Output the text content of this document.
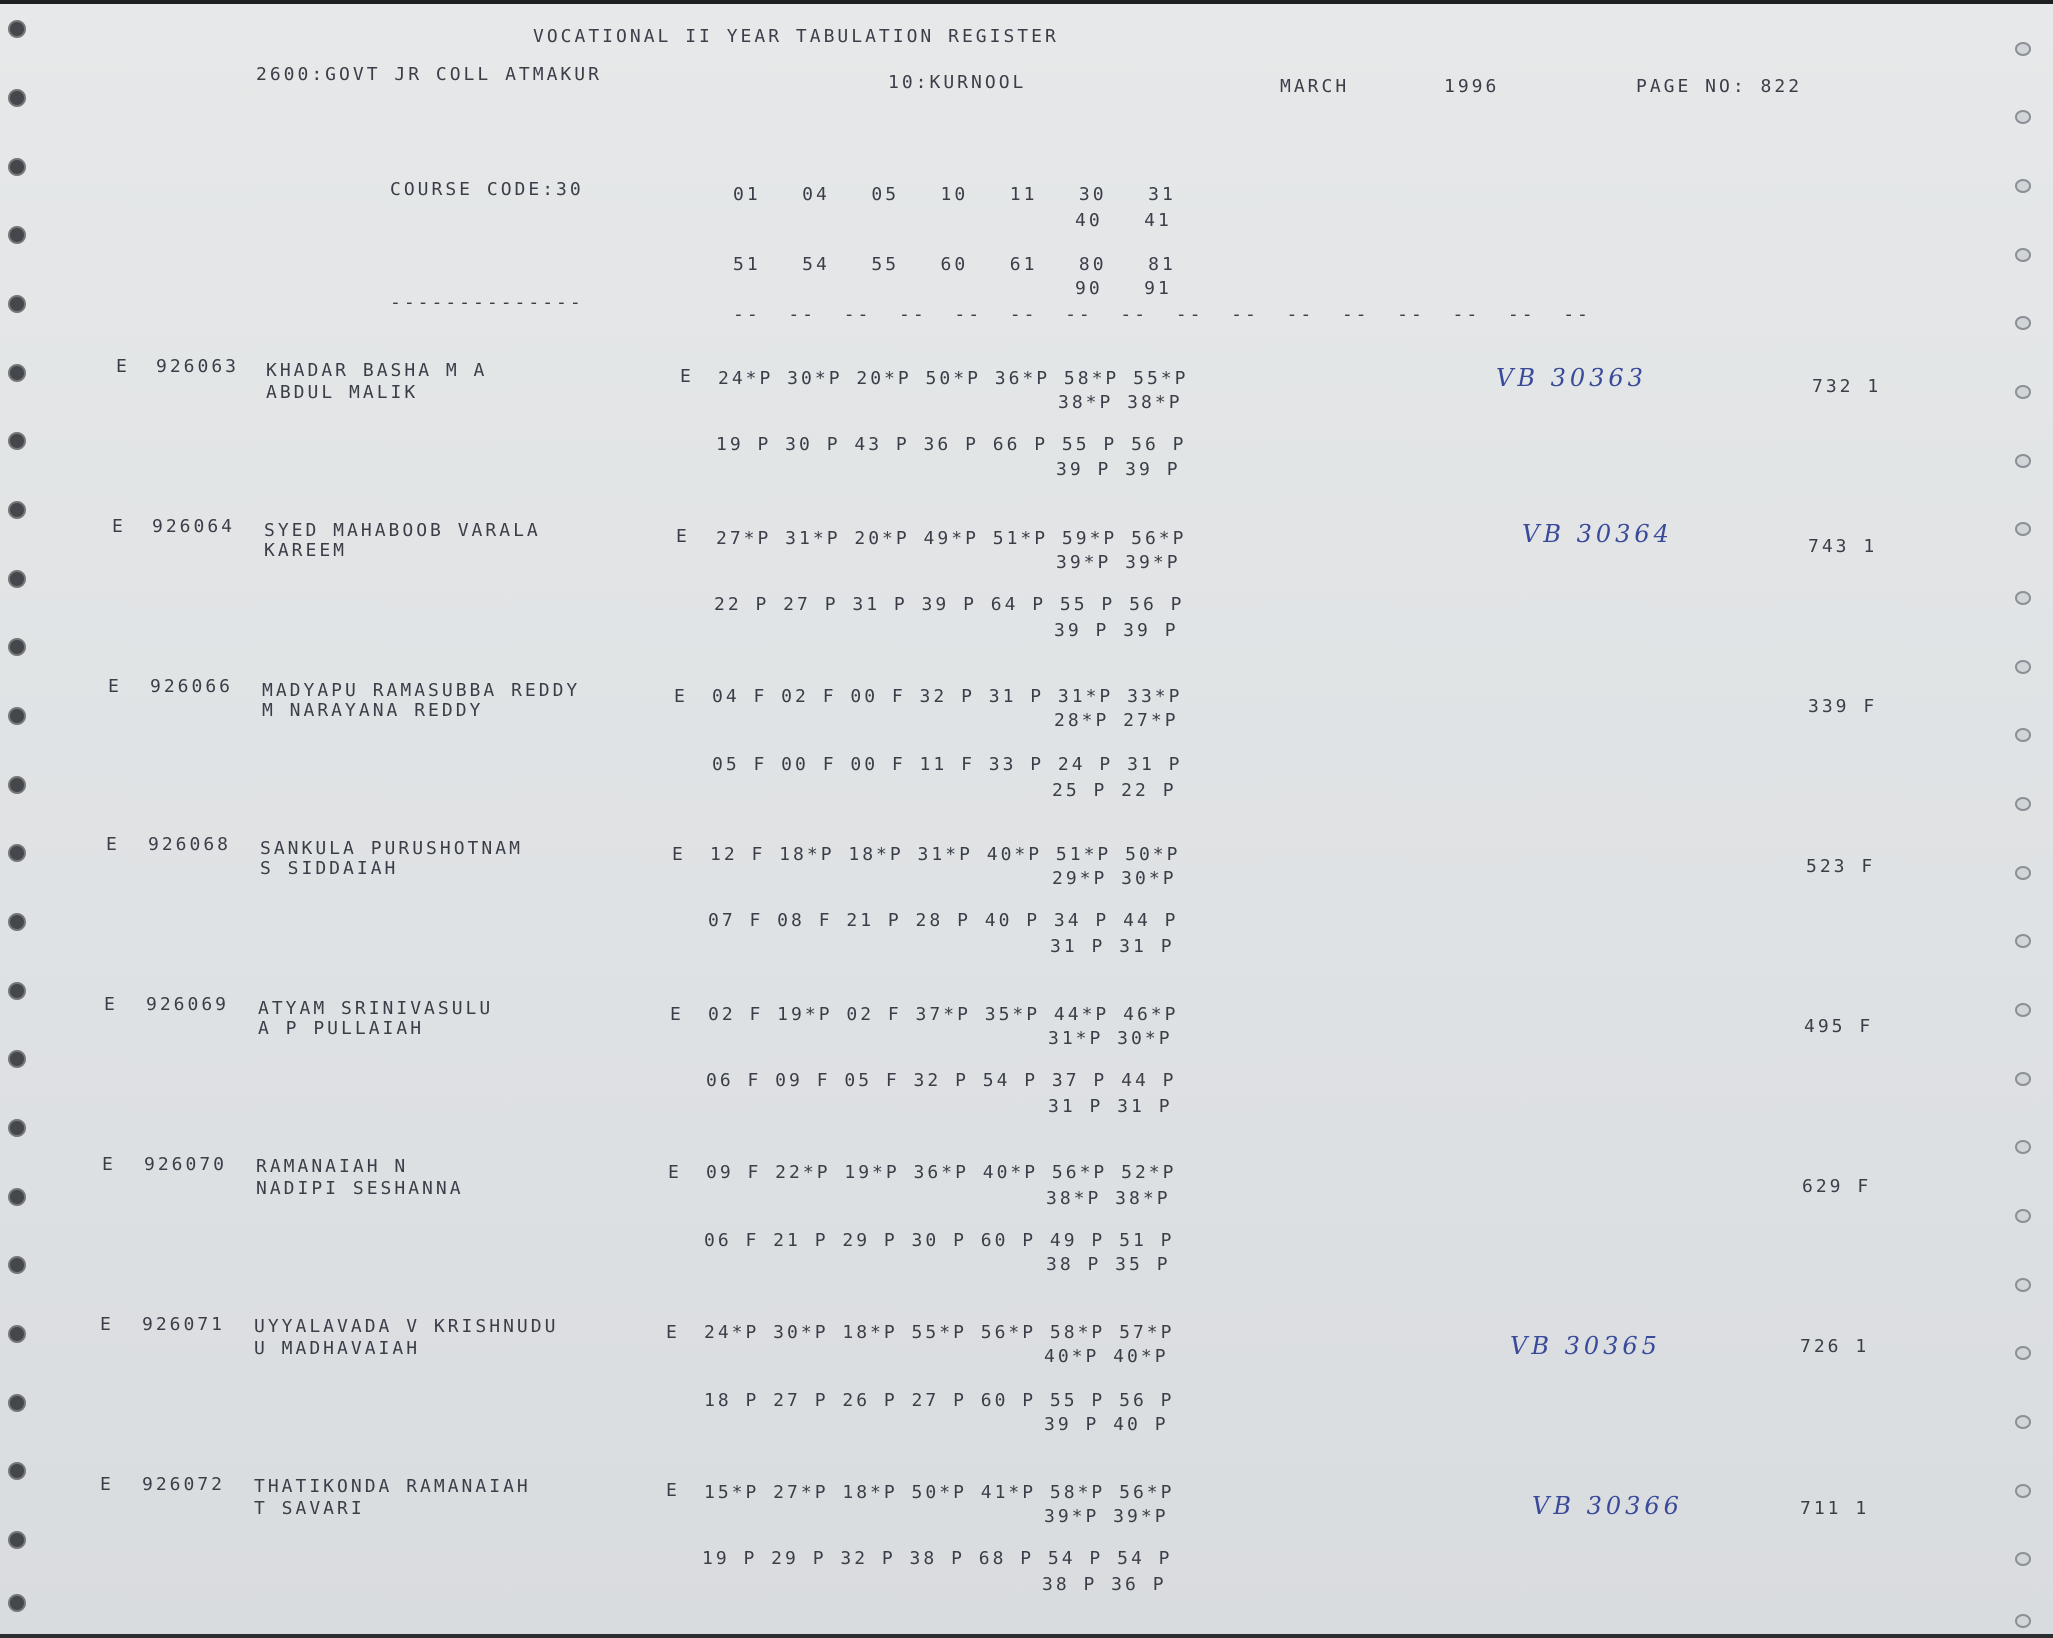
VOCATIONAL II YEAR TABULATION REGISTER
2600:GOVT JR COLL ATMAKUR	10:KURNOOL	MARCH	1996	PAGE NO: 822
COURSE CODE:30	01   04   05   10   11   30   31
40   41
51   54   55   60   61   80   81
90   91
--------------
--  --  --  --  --  --  --  --  --  --  --  --  --  --  --  --
E 926063 KHADAR BASHA M A
ABDUL MALIK
E 24*P 30*P 20*P 50*P 36*P 58*P 55*P
38*P 38*P
19 P 30 P 43 P 36 P 66 P 55 P 56 P
39 P 39 P
VB 30363	732 1
E 926064 SYED MAHABOOB VARALA
KAREEM
E 27*P 31*P 20*P 49*P 51*P 59*P 56*P
39*P 39*P
22 P 27 P 31 P 39 P 64 P 55 P 56 P
39 P 39 P
VB 30364	743 1
E 926066 MADYAPU RAMASUBBA REDDY
M NARAYANA REDDY
E 04 F 02 F 00 F 32 P 31 P 31*P 33*P
28*P 27*P
05 F 00 F 00 F 11 F 33 P 24 P 31 P
25 P 22 P
339 F
E 926068 SANKULA PURUSHOTNAM
S SIDDAIAH
E 12 F 18*P 18*P 31*P 40*P 51*P 50*P
29*P 30*P
07 F 08 F 21 P 28 P 40 P 34 P 44 P
31 P 31 P
523 F
E 926069 ATYAM SRINIVASULU
A P PULLAIAH
E 02 F 19*P 02 F 37*P 35*P 44*P 46*P
31*P 30*P
06 F 09 F 05 F 32 P 54 P 37 P 44 P
31 P 31 P
495 F
E 926070 RAMANAIAH N
NADIPI SESHANNA
E 09 F 22*P 19*P 36*P 40*P 56*P 52*P
38*P 38*P
06 F 21 P 29 P 30 P 60 P 49 P 51 P
38 P 35 P
629 F
E 926071 UYYALAVADA V KRISHNUDU
U MADHAVAIAH
E 24*P 30*P 18*P 55*P 56*P 58*P 57*P
40*P 40*P
18 P 27 P 26 P 27 P 60 P 55 P 56 P
39 P 40 P
VB 30365	726 1
E 926072 THATIKONDA RAMANAIAH
T SAVARI
E 15*P 27*P 18*P 50*P 41*P 58*P 56*P
39*P 39*P
19 P 29 P 32 P 38 P 68 P 54 P 54 P
38 P 36 P
VB 30366	711 1
